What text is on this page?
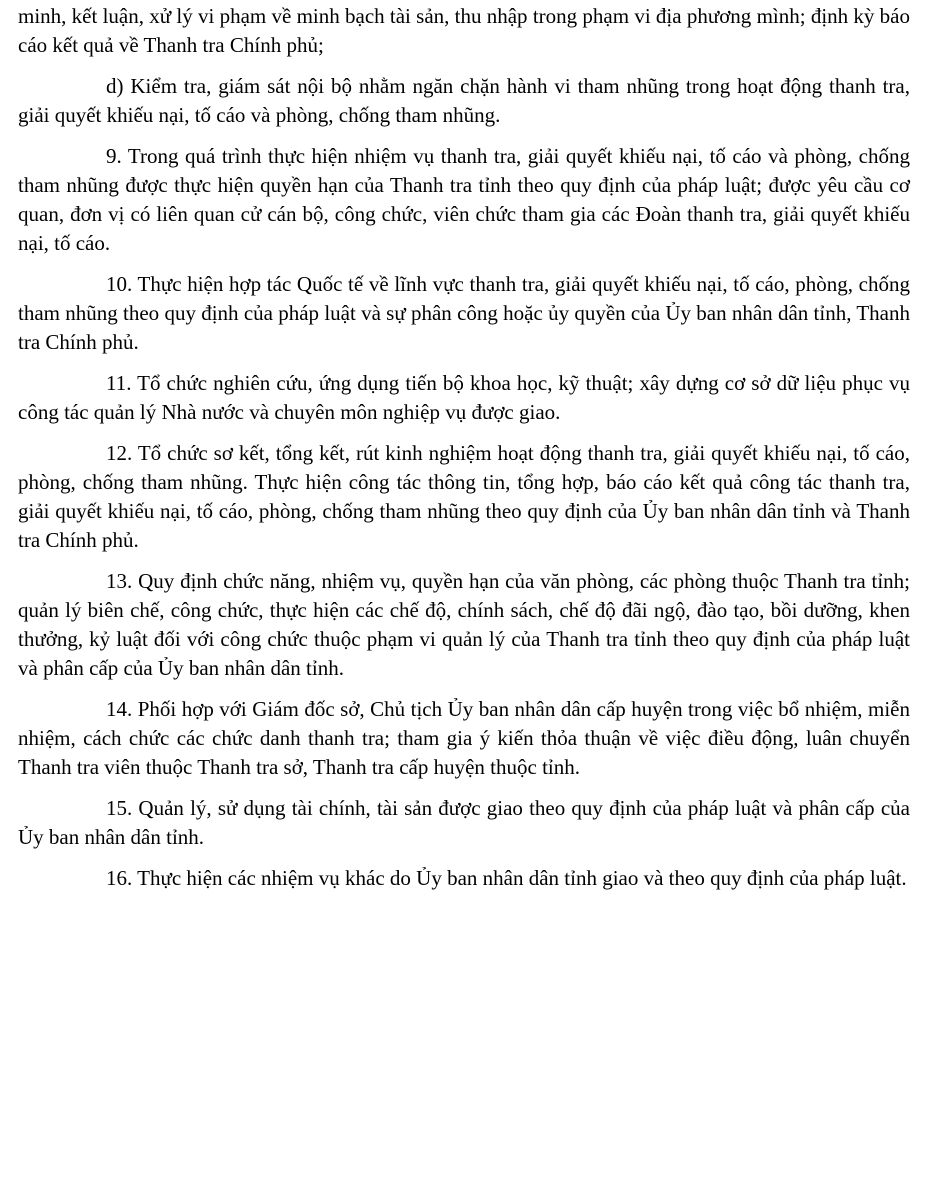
minh, kết luận, xử lý vi phạm về minh bạch tài sản, thu nhập trong phạm vi địa phương mình; định kỳ báo cáo kết quả về Thanh tra Chính phủ;

d) Kiểm tra, giám sát nội bộ nhằm ngăn chặn hành vi tham nhũng trong hoạt động thanh tra, giải quyết khiếu nại, tố cáo và phòng, chống tham nhũng.

9. Trong quá trình thực hiện nhiệm vụ thanh tra, giải quyết khiếu nại, tố cáo và phòng, chống tham nhũng được thực hiện quyền hạn của Thanh tra tỉnh theo quy định của pháp luật; được yêu cầu cơ quan, đơn vị có liên quan cử cán bộ, công chức, viên chức tham gia các Đoàn thanh tra, giải quyết khiếu nại, tố cáo.

10. Thực hiện hợp tác Quốc tế về lĩnh vực thanh tra, giải quyết khiếu nại, tố cáo, phòng, chống tham nhũng theo quy định của pháp luật và sự phân công hoặc ủy quyền của Ủy ban nhân dân tỉnh, Thanh tra Chính phủ.

11. Tổ chức nghiên cứu, ứng dụng tiến bộ khoa học, kỹ thuật; xây dựng cơ sở dữ liệu phục vụ công tác quản lý Nhà nước và chuyên môn nghiệp vụ được giao.

12. Tổ chức sơ kết, tổng kết, rút kinh nghiệm hoạt động thanh tra, giải quyết khiếu nại, tố cáo, phòng, chống tham nhũng. Thực hiện công tác thông tin, tổng hợp, báo cáo kết quả công tác thanh tra, giải quyết khiếu nại, tố cáo, phòng, chống tham nhũng theo quy định của Ủy ban nhân dân tỉnh và Thanh tra Chính phủ.

13. Quy định chức năng, nhiệm vụ, quyền hạn của văn phòng, các phòng thuộc Thanh tra tỉnh; quản lý biên chế, công chức, thực hiện các chế độ, chính sách, chế độ đãi ngộ, đào tạo, bồi dưỡng, khen thưởng, kỷ luật đối với công chức thuộc phạm vi quản lý của Thanh tra tỉnh theo quy định của pháp luật và phân cấp của Ủy ban nhân dân tỉnh.

14. Phối hợp với Giám đốc sở, Chủ tịch Ủy ban nhân dân cấp huyện trong việc bổ nhiệm, miễn nhiệm, cách chức các chức danh thanh tra; tham gia ý kiến thỏa thuận về việc điều động, luân chuyển Thanh tra viên thuộc Thanh tra sở, Thanh tra cấp huyện thuộc tỉnh.

15. Quản lý, sử dụng tài chính, tài sản được giao theo quy định của pháp luật và phân cấp của Ủy ban nhân dân tỉnh.

16. Thực hiện các nhiệm vụ khác do Ủy ban nhân dân tỉnh giao và theo quy định của pháp luật.
